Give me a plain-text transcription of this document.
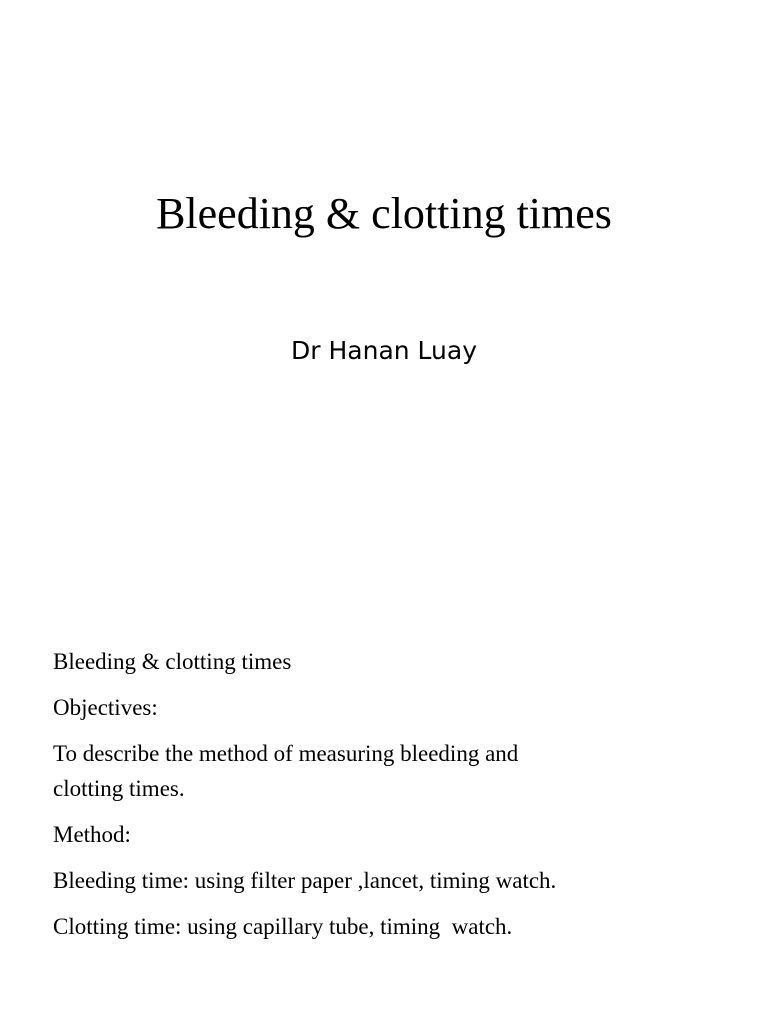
Bleeding & clotting times
Dr Hanan Luay
Bleeding & clotting times
Objectives:
To describe the method of measuring bleeding and
clotting times.
Method:
Bleeding time: using filter paper ,lancet, timing watch.
Clotting time: using capillary tube, timing  watch.
